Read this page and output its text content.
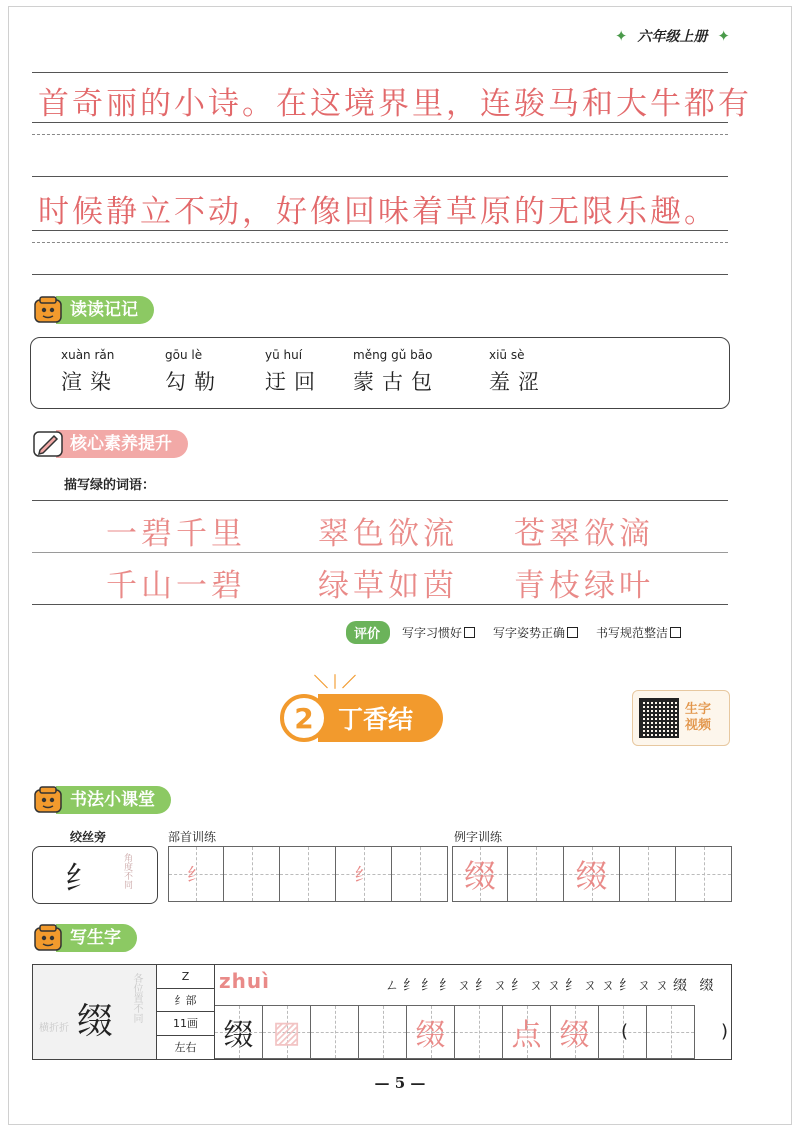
✦ 六年级上册 ✦
首奇丽的小诗。在这境界里，连骏马和大牛都有
时候静立不动，好像回味着草原的无限乐趣。
读读记记
xuàn rǎn
渲染
gōu lè
勾勒
yū huí
迂回
měng gǔ bāo
蒙古包
xiū sè
羞涩
核心素养提升
描写绿的词语：
一碧千里 翠色欲流 苍翠欲滴
千山一碧 绿草如茵 青枝绿叶
评价	写字习惯好	写字姿势正确	书写规范整洁
＼｜／
2 丁香结	生字
视频
书法小课堂
绞丝旁	部首训练	例字训练
纟	角度不同	纟	纟	缀	缀
写生字
各位置不同
横折折 缀
Z
纟部
11画
左右
zhuì	ㄥ纟纟纟ㄡ纟ㄡ纟ㄡㄡ纟ㄡㄡ纟ㄡㄡ缀 缀
缀 ▨	缀 点 缀	(	)
— 5 —
